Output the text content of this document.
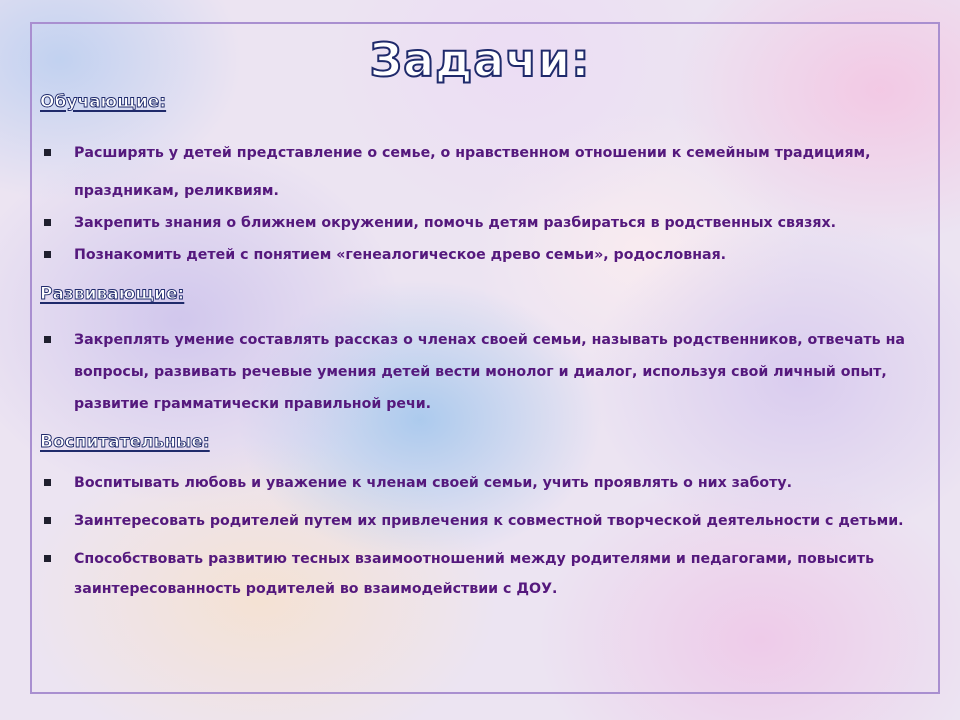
Задачи:
Обучающие:
Расширять у детей представление о семье, о нравственном отношении к семейным традициям, праздникам, реликвиям.
Закрепить знания о ближнем окружении, помочь детям разбираться в родственных связях.
Познакомить детей с понятием «генеалогическое древо семьи», родословная.
Развивающие:
Закреплять умение составлять рассказ о членах своей семьи, называть родственников, отвечать на вопросы, развивать речевые умения детей вести монолог и диалог, используя свой личный опыт, развитие грамматически правильной речи.
Воспитательные:
Воспитывать любовь и уважение к членам своей семьи, учить проявлять о них заботу.
Заинтересовать родителей путем их привлечения к совместной творческой деятельности с детьми.
Способствовать развитию тесных взаимоотношений между родителями и педагогами, повысить заинтересованность родителей во взаимодействии с ДОУ.
